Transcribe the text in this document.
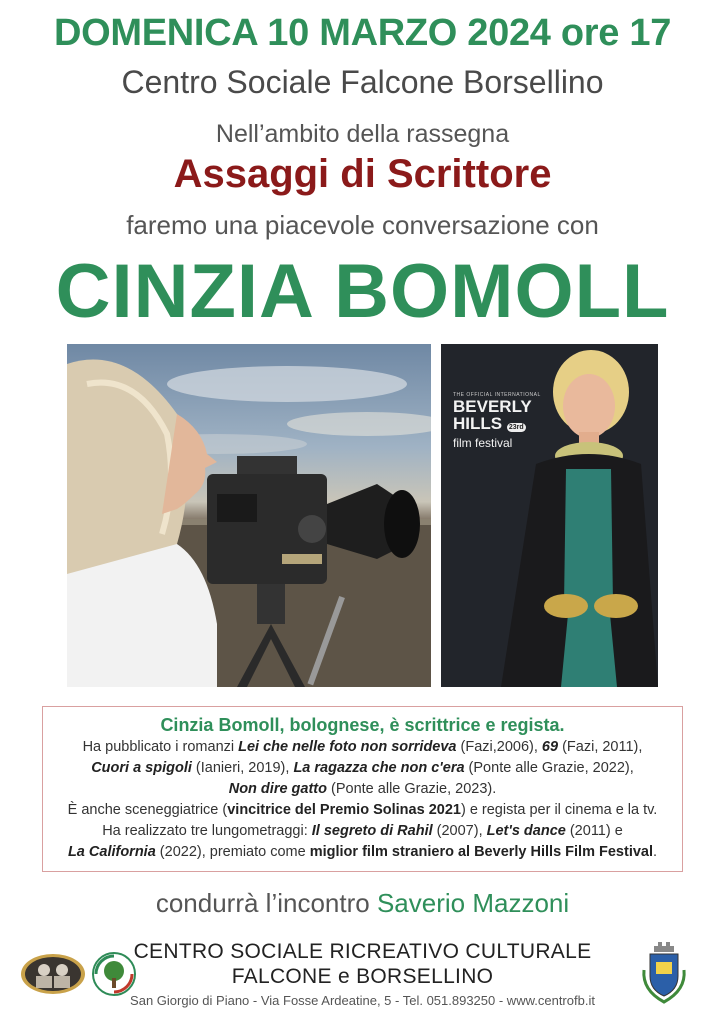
DOMENICA 10 MARZO 2024 ore 17
Centro Sociale Falcone Borsellino
Nell’ambito della rassegna
Assaggi di Scrittore
faremo una piacevole conversazione con
CINZIA BOMOLL
THE OFFICIAL INTERNATIONAL
BEVERLY
HILLS 23rd
film festival

Cinzia Bomoll, bolognese, è scrittrice e regista.

Ha pubblicato i romanzi Lei che nelle foto non sorrideva (Fazi,2006), 69 (Fazi, 2011),

Cuori a spigoli (Ianieri, 2019), La ragazza che non c'era (Ponte alle Grazie, 2022),

Non dire gatto (Ponte alle Grazie, 2023).

È anche sceneggiatrice (vincitrice del Premio Solinas 2021) e regista per il cinema e la tv.

Ha realizzato tre lungometraggi: Il segreto di Rahil (2007), Let's dance (2011) e

La California (2022), premiato come miglior film straniero al Beverly Hills Film Festival.

condurrà l’incontro Saverio Mazzoni
CENTRO SOCIALE RICREATIVO CULTURALE
FALCONE e BORSELLINO
San Giorgio di Piano - Via Fosse Ardeatine, 5 - Tel. 051.893250 - www.centrofb.it
